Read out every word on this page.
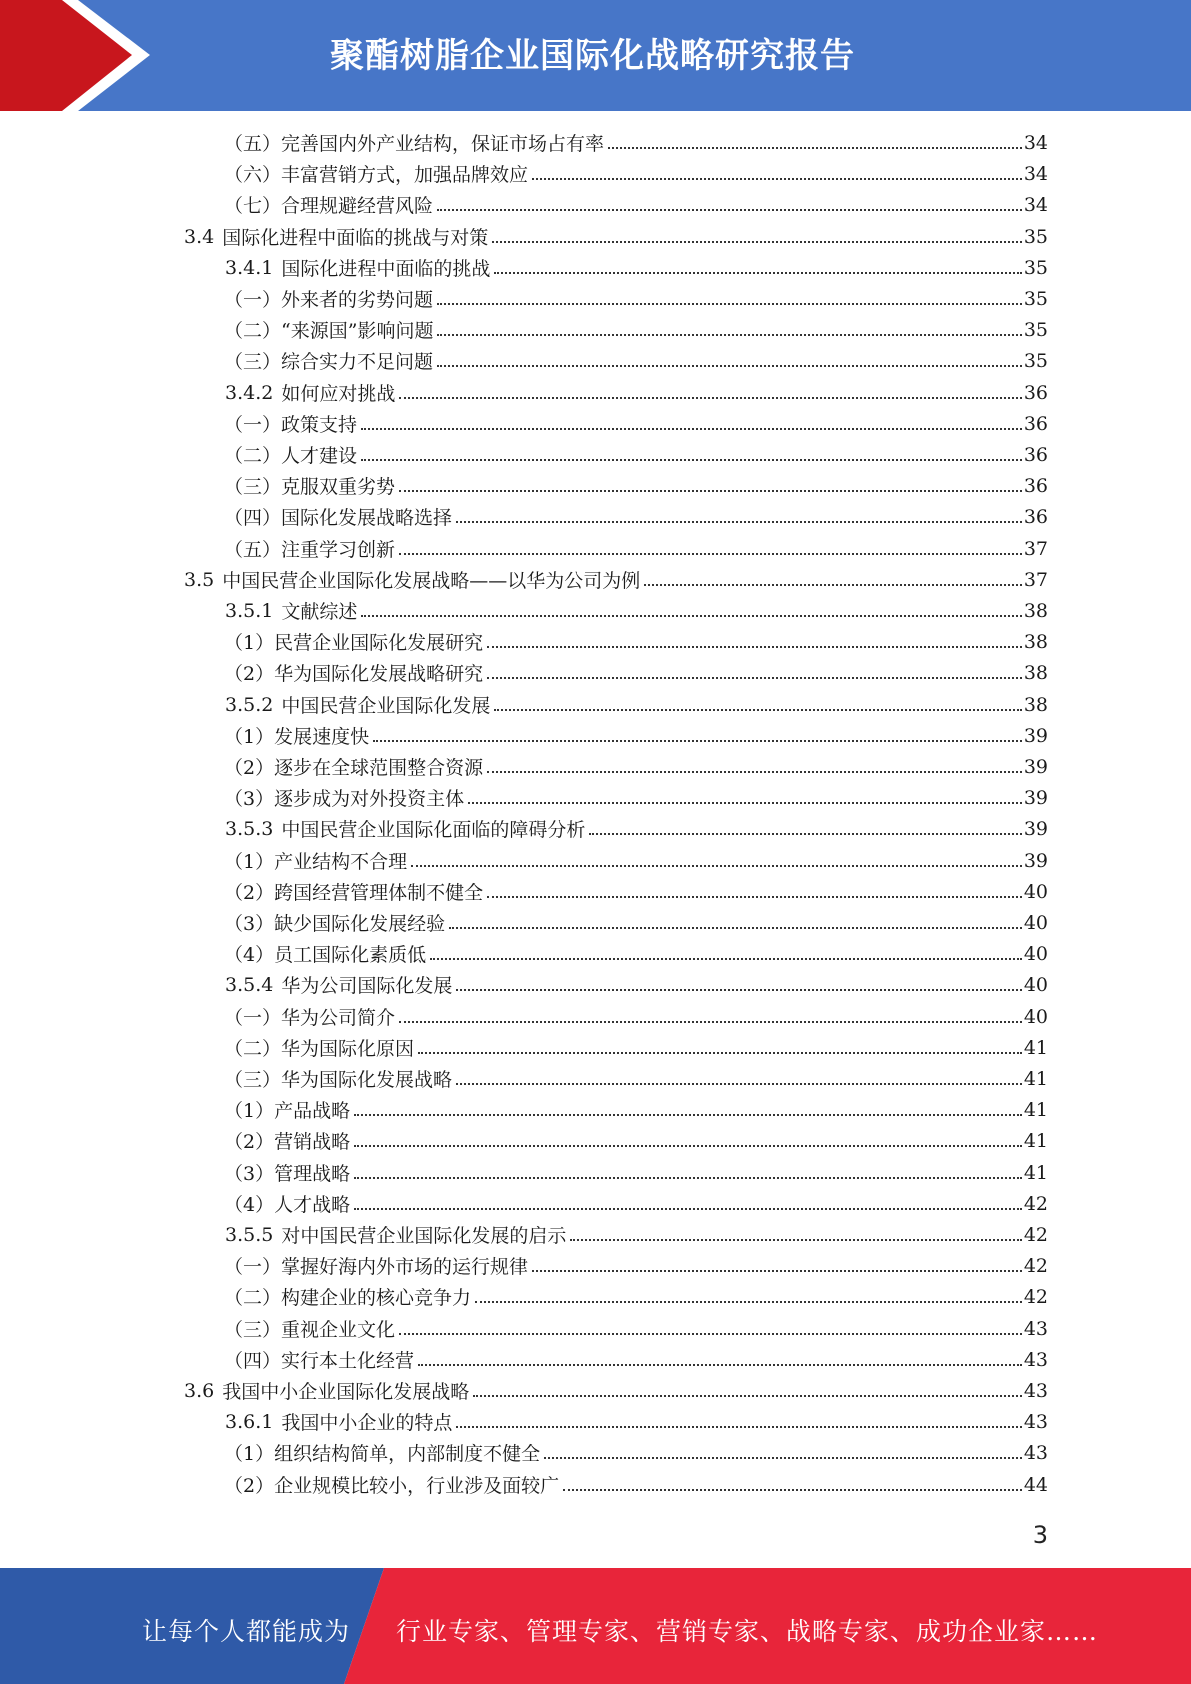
聚酯树脂企业国际化战略研究报告
（五） 完善国内外产业结构，保证市场占有率	34
（六） 丰富营销方式，加强品牌效应	34
（七） 合理规避经营风险	34
3.4 国际化进程中面临的挑战与对策	35
3.4.1 国际化进程中面临的挑战	35
（一） 外来者的劣势问题	35
（二） “来源国”影响问题	35
（三） 综合实力不足问题	35
3.4.2 如何应对挑战	36
（一） 政策支持	36
（二） 人才建设	36
（三） 克服双重劣势	36
（四） 国际化发展战略选择	36
（五） 注重学习创新	37
3.5 中国民营企业国际化发展战略——以华为公司为例	37
3.5.1 文献综述	38
（1） 民营企业国际化发展研究	38
（2） 华为国际化发展战略研究	38
3.5.2 中国民营企业国际化发展	38
（1） 发展速度快	39
（2） 逐步在全球范围整合资源	39
（3） 逐步成为对外投资主体	39
3.5.3 中国民营企业国际化面临的障碍分析	39
（1） 产业结构不合理	39
（2） 跨国经营管理体制不健全	40
（3） 缺少国际化发展经验	40
（4） 员工国际化素质低	40
3.5.4 华为公司国际化发展	40
（一） 华为公司简介	40
（二） 华为国际化原因	41
（三） 华为国际化发展战略	41
（1） 产品战略	41
（2） 营销战略	41
（3） 管理战略	41
（4） 人才战略	42
3.5.5 对中国民营企业国际化发展的启示	42
（一） 掌握好海内外市场的运行规律	42
（二） 构建企业的核心竞争力	42
（三） 重视企业文化	43
（四） 实行本土化经营	43
3.6 我国中小企业国际化发展战略	43
3.6.1 我国中小企业的特点	43
（1） 组织结构简单，内部制度不健全	43
（2） 企业规模比较小，行业涉及面较广	44
3
让每个人都能成为 行业专家、管理专家、营销专家、战略专家、成功企业家……
